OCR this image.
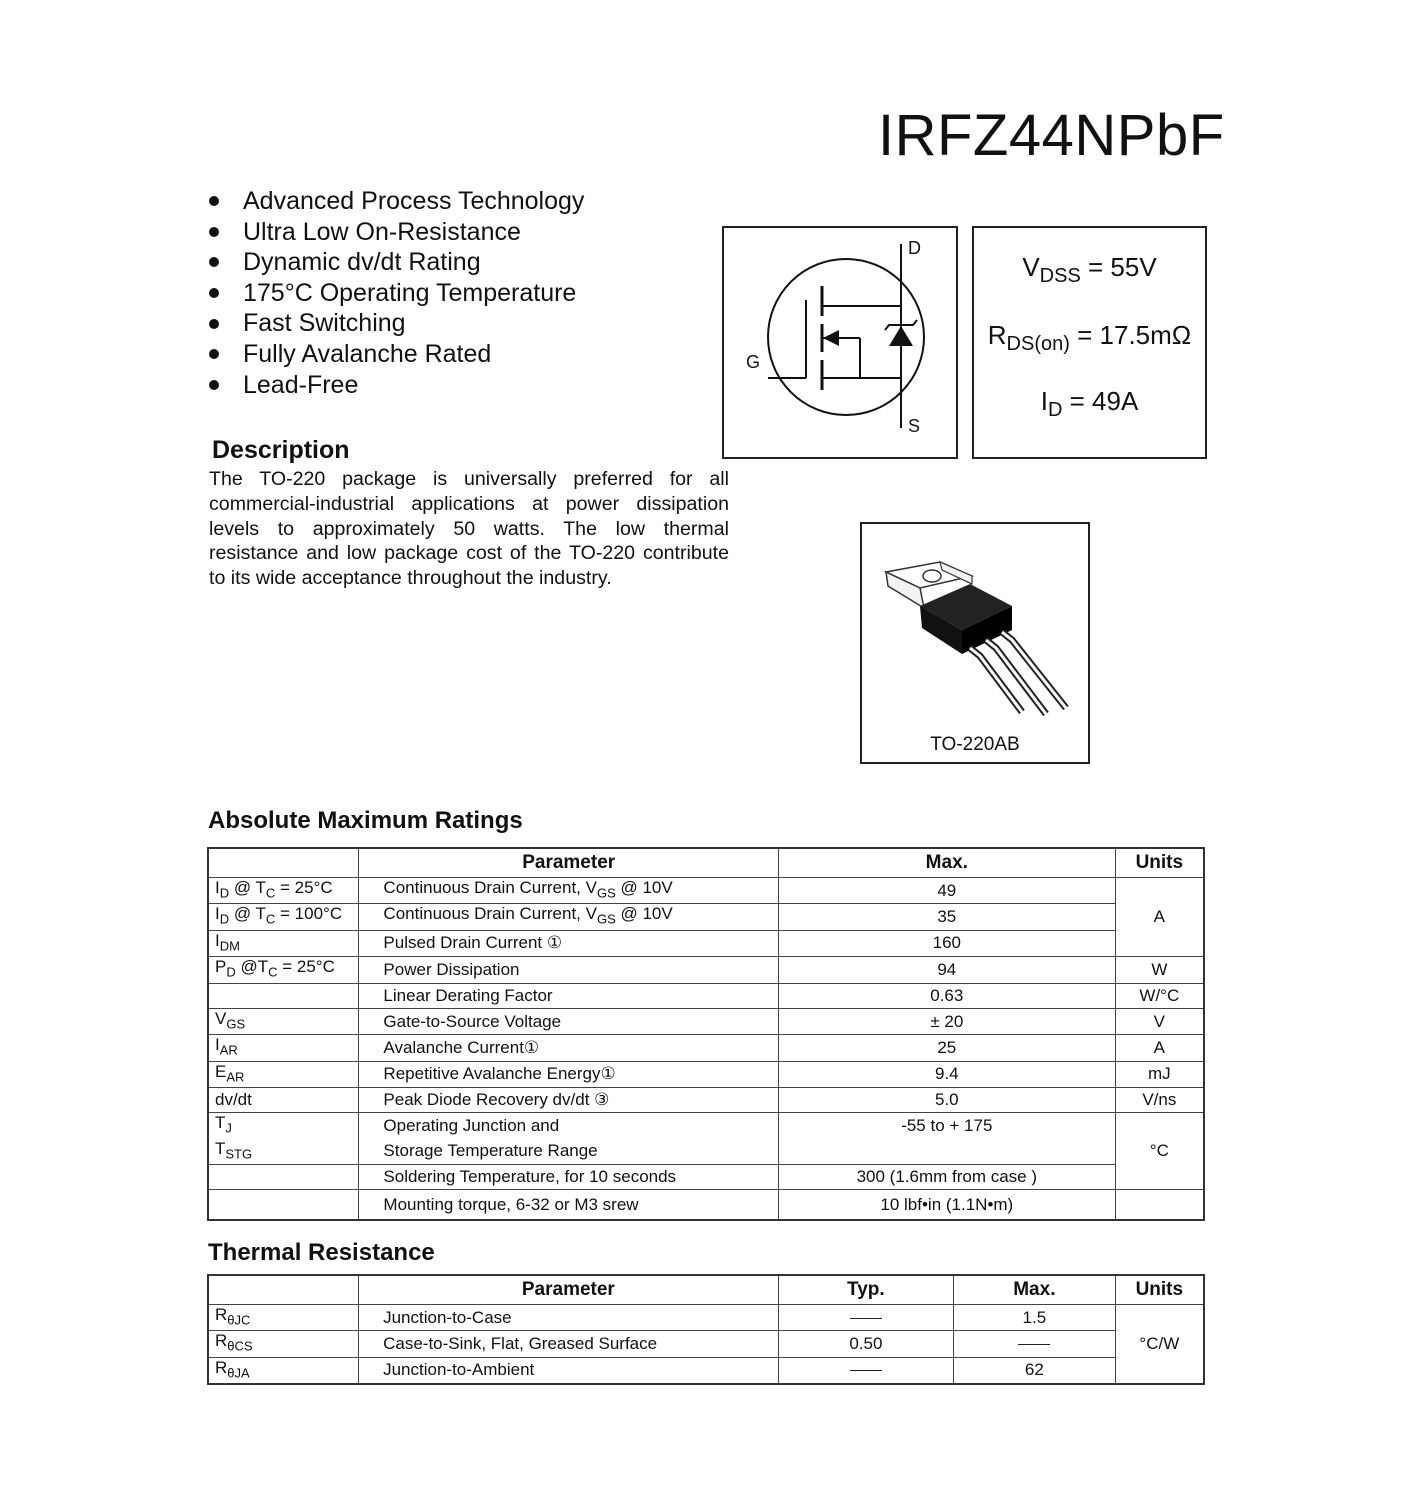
IRFZ44NPbF
Advanced Process Technology
Ultra Low On-Resistance
Dynamic dv/dt Rating
175°C Operating Temperature
Fast Switching
Fully Avalanche Rated
Lead-Free
Description
The TO-220 package is universally preferred for all commercial-industrial applications at power dissipation levels to approximately 50 watts. The low thermal resistance and low package cost of the TO-220 contribute to its wide acceptance throughout the industry.
D
G
S
$V_{DSS} = 55V$
$R_{DS(on)} = 17.5m\Omega$
$I_D = 49A$
TO-220AB
Absolute Maximum Ratings
	Parameter	Max.	Units
$I_D$ @ $T_C = 25^\circ C$	Continuous Drain Current, $V_{GS}$ @ 10V	49	A
$I_D$ @ $T_C = 100^\circ C$	Continuous Drain Current, $V_{GS}$ @ 10V	35	
$I_{DM}$	Pulsed Drain Current ①	160	
$P_D$ $@T_C = 25^\circ C$	Power Dissipation	94	W
	Linear Derating Factor	0.63	W/°C
$V_{GS}$	Gate-to-Source Voltage	± 20	V
$I_{AR}$	Avalanche Current①	25	A
$E_{AR}$	Repetitive Avalanche Energy①	9.4	mJ
dv/dt	Peak Diode Recovery dv/dt ③	5.0	V/ns
$T_J$	Operating Junction and	-55 to + 175	°C
$T_{STG}$	Storage Temperature Range		
	Soldering Temperature, for 10 seconds	300 (1.6mm from case )	
	Mounting torque, 6-32 or M3 srew	10 lbf•in (1.1N•m)	
Thermal Resistance
	Parameter	Typ.	Max.	Units
$R_{\theta JC}$	Junction-to-Case		1.5	°C/W
$R_{\theta CS}$	Case-to-Sink, Flat, Greased Surface	0.50		
$R_{\theta JA}$	Junction-to-Ambient		62	
